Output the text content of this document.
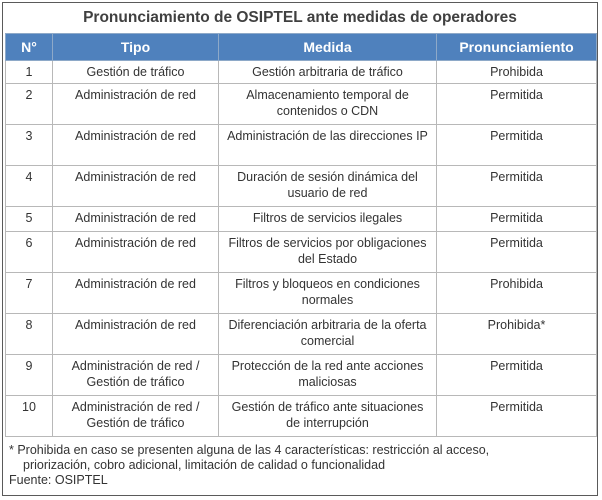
Pronunciamiento de OSIPTEL ante medidas de operadores
N°	Tipo	Medida	Pronunciamiento
1	Gestión de tráfico	Gestión arbitraria de tráfico	Prohibida
2	Administración de red	Almacenamiento temporal de contenidos o CDN	Permitida
3	Administración de red	Administración de las direcciones IP	Permitida
4	Administración de red	Duración de sesión dinámica del usuario de red	Permitida
5	Administración de red	Filtros de servicios ilegales	Permitida
6	Administración de red	Filtros de servicios por obligaciones del Estado	Permitida
7	Administración de red	Filtros y bloqueos en condiciones normales	Prohibida
8	Administración de red	Diferenciación arbitraria de la oferta comercial	Prohibida*
9	Administración de red / Gestión de tráfico	Protección de la red ante acciones maliciosas	Permitida
10	Administración de red / Gestión de tráfico	Gestión de tráfico ante situaciones de interrupción	Permitida
* Prohibida en caso se presenten alguna de las 4 características: restricción al acceso,
priorización, cobro adicional, limitación de calidad o funcionalidad
Fuente: OSIPTEL
